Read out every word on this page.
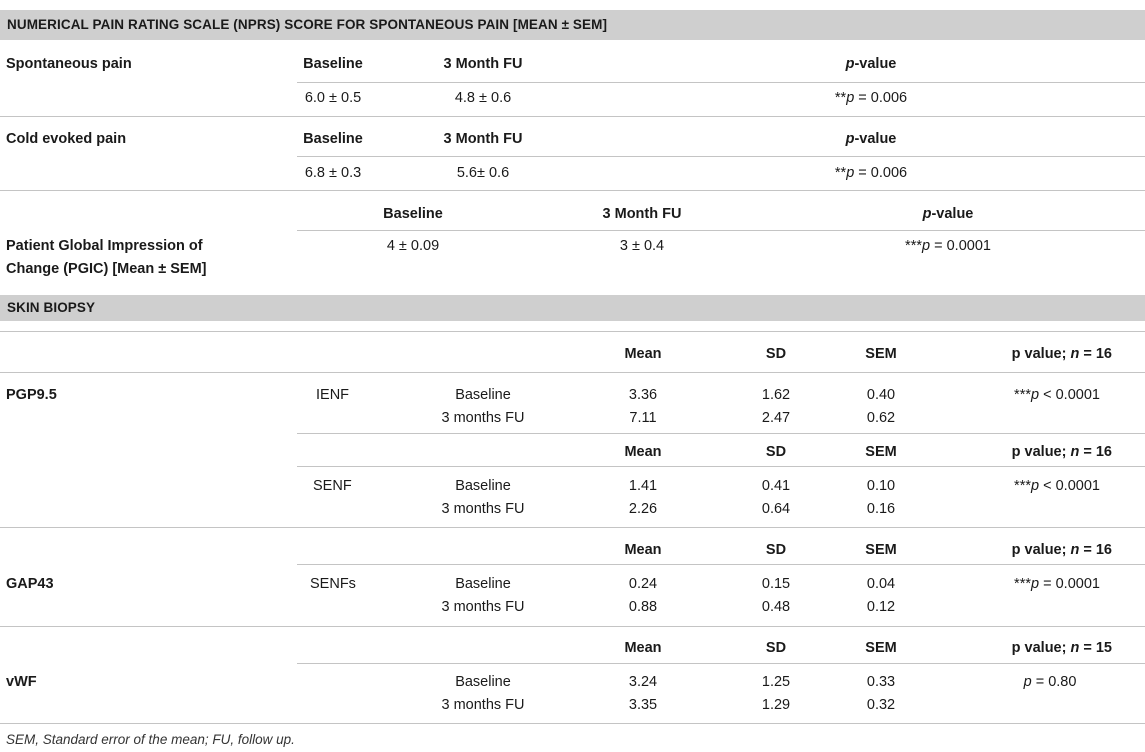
NUMERICAL PAIN RATING SCALE (NPRS) SCORE FOR SPONTANEOUS PAIN [MEAN ± SEM]
Spontaneous pain	Baseline	3 Month FU	p-value
6.0 ± 0.5	4.8 ± 0.6	**p = 0.006
Cold evoked pain	Baseline	3 Month FU	p-value
6.8 ± 0.3	5.6± 0.6	**p = 0.006
Baseline	3 Month FU	p-value
Patient Global Impression of
Change (PGIC) [Mean ± SEM]
4 ± 0.09	3 ± 0.4	***p = 0.0001
SKIN BIOPSY
Mean	SD	SEM	p value; n = 16
PGP9.5	IENF	Baseline	3.36	1.62	0.40	***p < 0.0001
3 months FU	7.11	2.47	0.62
Mean	SD	SEM	p value; n = 16
SENF	Baseline	1.41	0.41	0.10	***p < 0.0001
3 months FU	2.26	0.64	0.16
Mean	SD	SEM	p value; n = 16
GAP43	SENFs	Baseline	0.24	0.15	0.04	***p = 0.0001
3 months FU	0.88	0.48	0.12
Mean	SD	SEM	p value; n = 15
vWF	Baseline	3.24	1.25	0.33	p = 0.80
3 months FU	3.35	1.29	0.32
SEM, Standard error of the mean; FU, follow up.
